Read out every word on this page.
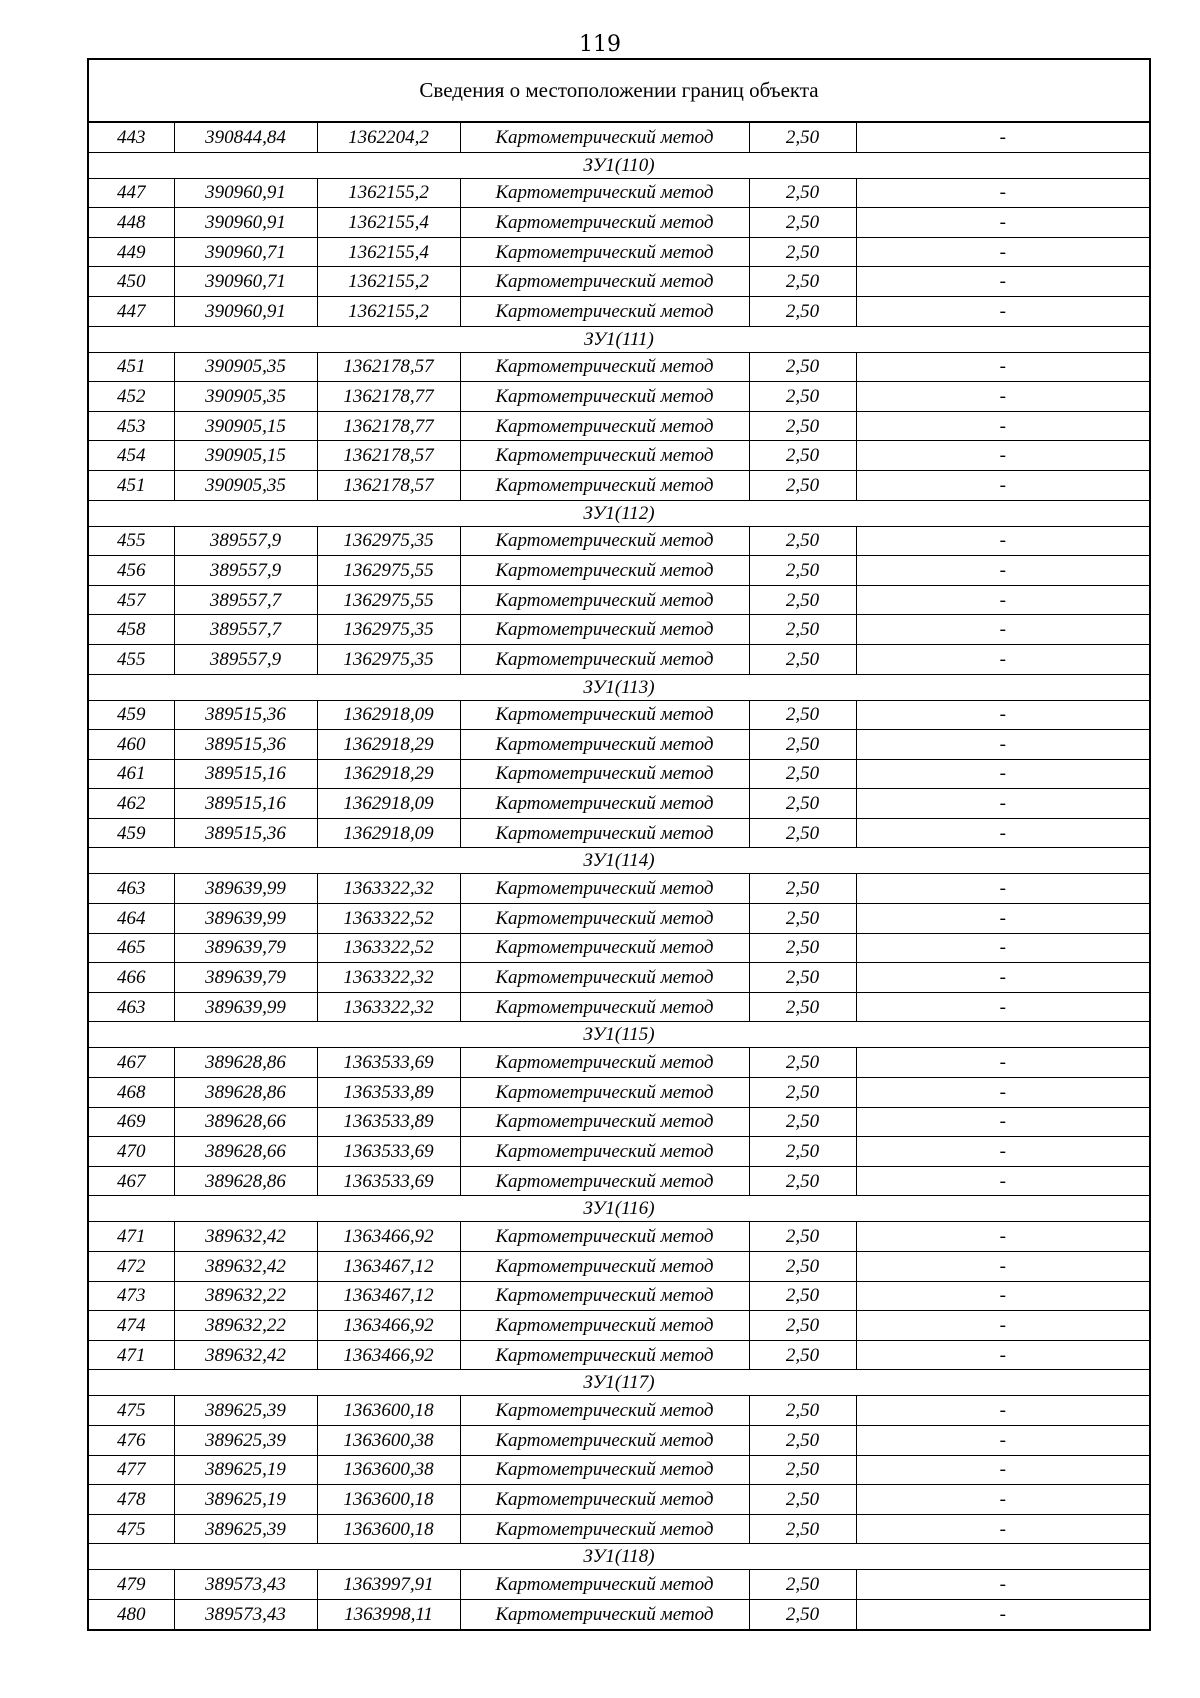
119
Сведения о местоположении границ объекта
443	390844,84	1362204,2	Картометрический метод	2,50	-
ЗУ1(110)					
447	390960,91	1362155,2	Картометрический метод	2,50	-
448	390960,91	1362155,4	Картометрический метод	2,50	-
449	390960,71	1362155,4	Картометрический метод	2,50	-
450	390960,71	1362155,2	Картометрический метод	2,50	-
447	390960,91	1362155,2	Картометрический метод	2,50	-
ЗУ1(111)					
451	390905,35	1362178,57	Картометрический метод	2,50	-
452	390905,35	1362178,77	Картометрический метод	2,50	-
453	390905,15	1362178,77	Картометрический метод	2,50	-
454	390905,15	1362178,57	Картометрический метод	2,50	-
451	390905,35	1362178,57	Картометрический метод	2,50	-
ЗУ1(112)					
455	389557,9	1362975,35	Картометрический метод	2,50	-
456	389557,9	1362975,55	Картометрический метод	2,50	-
457	389557,7	1362975,55	Картометрический метод	2,50	-
458	389557,7	1362975,35	Картометрический метод	2,50	-
455	389557,9	1362975,35	Картометрический метод	2,50	-
ЗУ1(113)					
459	389515,36	1362918,09	Картометрический метод	2,50	-
460	389515,36	1362918,29	Картометрический метод	2,50	-
461	389515,16	1362918,29	Картометрический метод	2,50	-
462	389515,16	1362918,09	Картометрический метод	2,50	-
459	389515,36	1362918,09	Картометрический метод	2,50	-
ЗУ1(114)					
463	389639,99	1363322,32	Картометрический метод	2,50	-
464	389639,99	1363322,52	Картометрический метод	2,50	-
465	389639,79	1363322,52	Картометрический метод	2,50	-
466	389639,79	1363322,32	Картометрический метод	2,50	-
463	389639,99	1363322,32	Картометрический метод	2,50	-
ЗУ1(115)					
467	389628,86	1363533,69	Картометрический метод	2,50	-
468	389628,86	1363533,89	Картометрический метод	2,50	-
469	389628,66	1363533,89	Картометрический метод	2,50	-
470	389628,66	1363533,69	Картометрический метод	2,50	-
467	389628,86	1363533,69	Картометрический метод	2,50	-
ЗУ1(116)					
471	389632,42	1363466,92	Картометрический метод	2,50	-
472	389632,42	1363467,12	Картометрический метод	2,50	-
473	389632,22	1363467,12	Картометрический метод	2,50	-
474	389632,22	1363466,92	Картометрический метод	2,50	-
471	389632,42	1363466,92	Картометрический метод	2,50	-
ЗУ1(117)					
475	389625,39	1363600,18	Картометрический метод	2,50	-
476	389625,39	1363600,38	Картометрический метод	2,50	-
477	389625,19	1363600,38	Картометрический метод	2,50	-
478	389625,19	1363600,18	Картометрический метод	2,50	-
475	389625,39	1363600,18	Картометрический метод	2,50	-
ЗУ1(118)					
479	389573,43	1363997,91	Картометрический метод	2,50	-
480	389573,43	1363998,11	Картометрический метод	2,50	-
